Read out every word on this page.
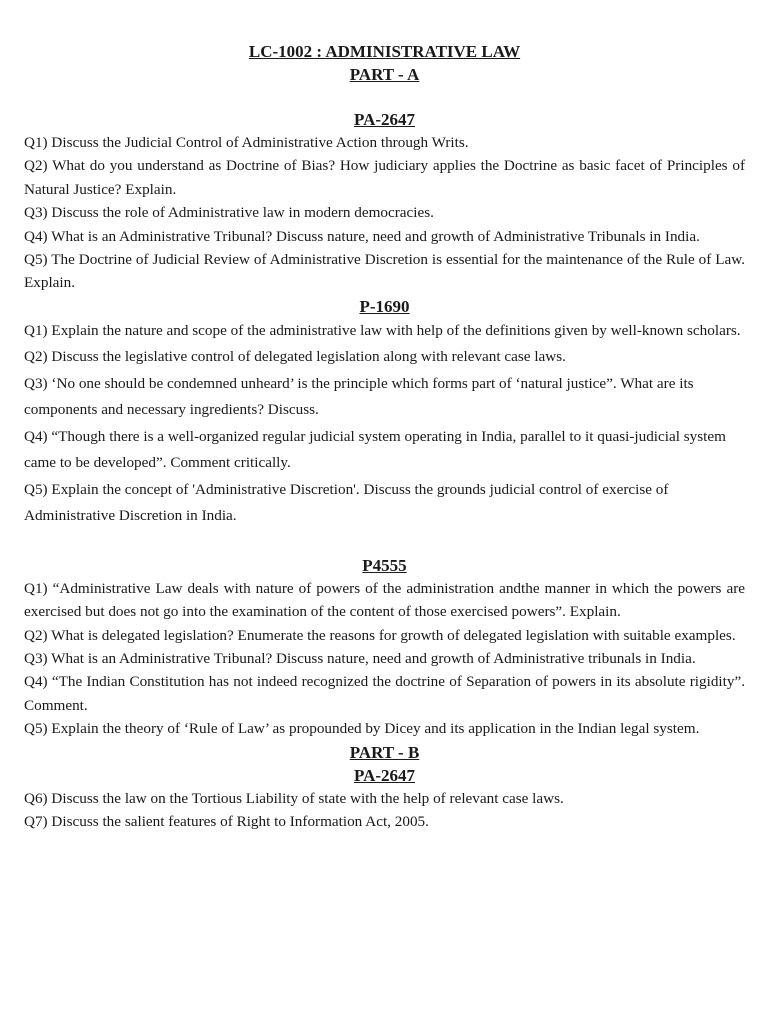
LC-1002 : ADMINISTRATIVE LAW

PART - A

PA-2647

Q1) Discuss the Judicial Control of Administrative Action through Writs.

Q2) What do you understand as Doctrine of Bias? How judiciary applies the Doctrine as basic facet of Principles of Natural Justice? Explain.

Q3) Discuss the role of Administrative law in modern democracies.

Q4) What is an Administrative Tribunal? Discuss nature, need and growth of Administrative Tribunals in India.

Q5) The Doctrine of Judicial Review of Administrative Discretion is essential for the maintenance of the Rule of Law. Explain.

P-1690

Q1) Explain the nature and scope of the administrative law with help of the definitions given by well-known scholars.

Q2) Discuss the legislative control of delegated legislation along with relevant case laws.

Q3) ‘No one should be condemned unheard’ is the principle which forms part of ‘natural justice”. What are its components and necessary ingredients? Discuss.

Q4) “Though there is a well-organized regular judicial system operating in India, parallel to it quasi-judicial system came to be developed”. Comment critically.

Q5) Explain the concept of 'Administrative Discretion'. Discuss the grounds judicial control of exercise of Administrative Discretion in India.

P4555

Q1) “Administrative Law deals with nature of powers of the administration andthe manner in which the powers are exercised but does not go into the examination of the content of those exercised powers”. Explain.

Q2) What is delegated legislation? Enumerate the reasons for growth of delegated legislation with suitable examples.

Q3) What is an Administrative Tribunal? Discuss nature, need and growth of Administrative tribunals in India.

Q4) “The Indian Constitution has not indeed recognized the doctrine of Separation of powers in its absolute rigidity”. Comment.

Q5) Explain the theory of ‘Rule of Law’ as propounded by Dicey and its application in the Indian legal system.

PART - B

PA-2647

Q6) Discuss the law on the Tortious Liability of state with the help of relevant case laws.

Q7) Discuss the salient features of Right to Information Act, 2005.
